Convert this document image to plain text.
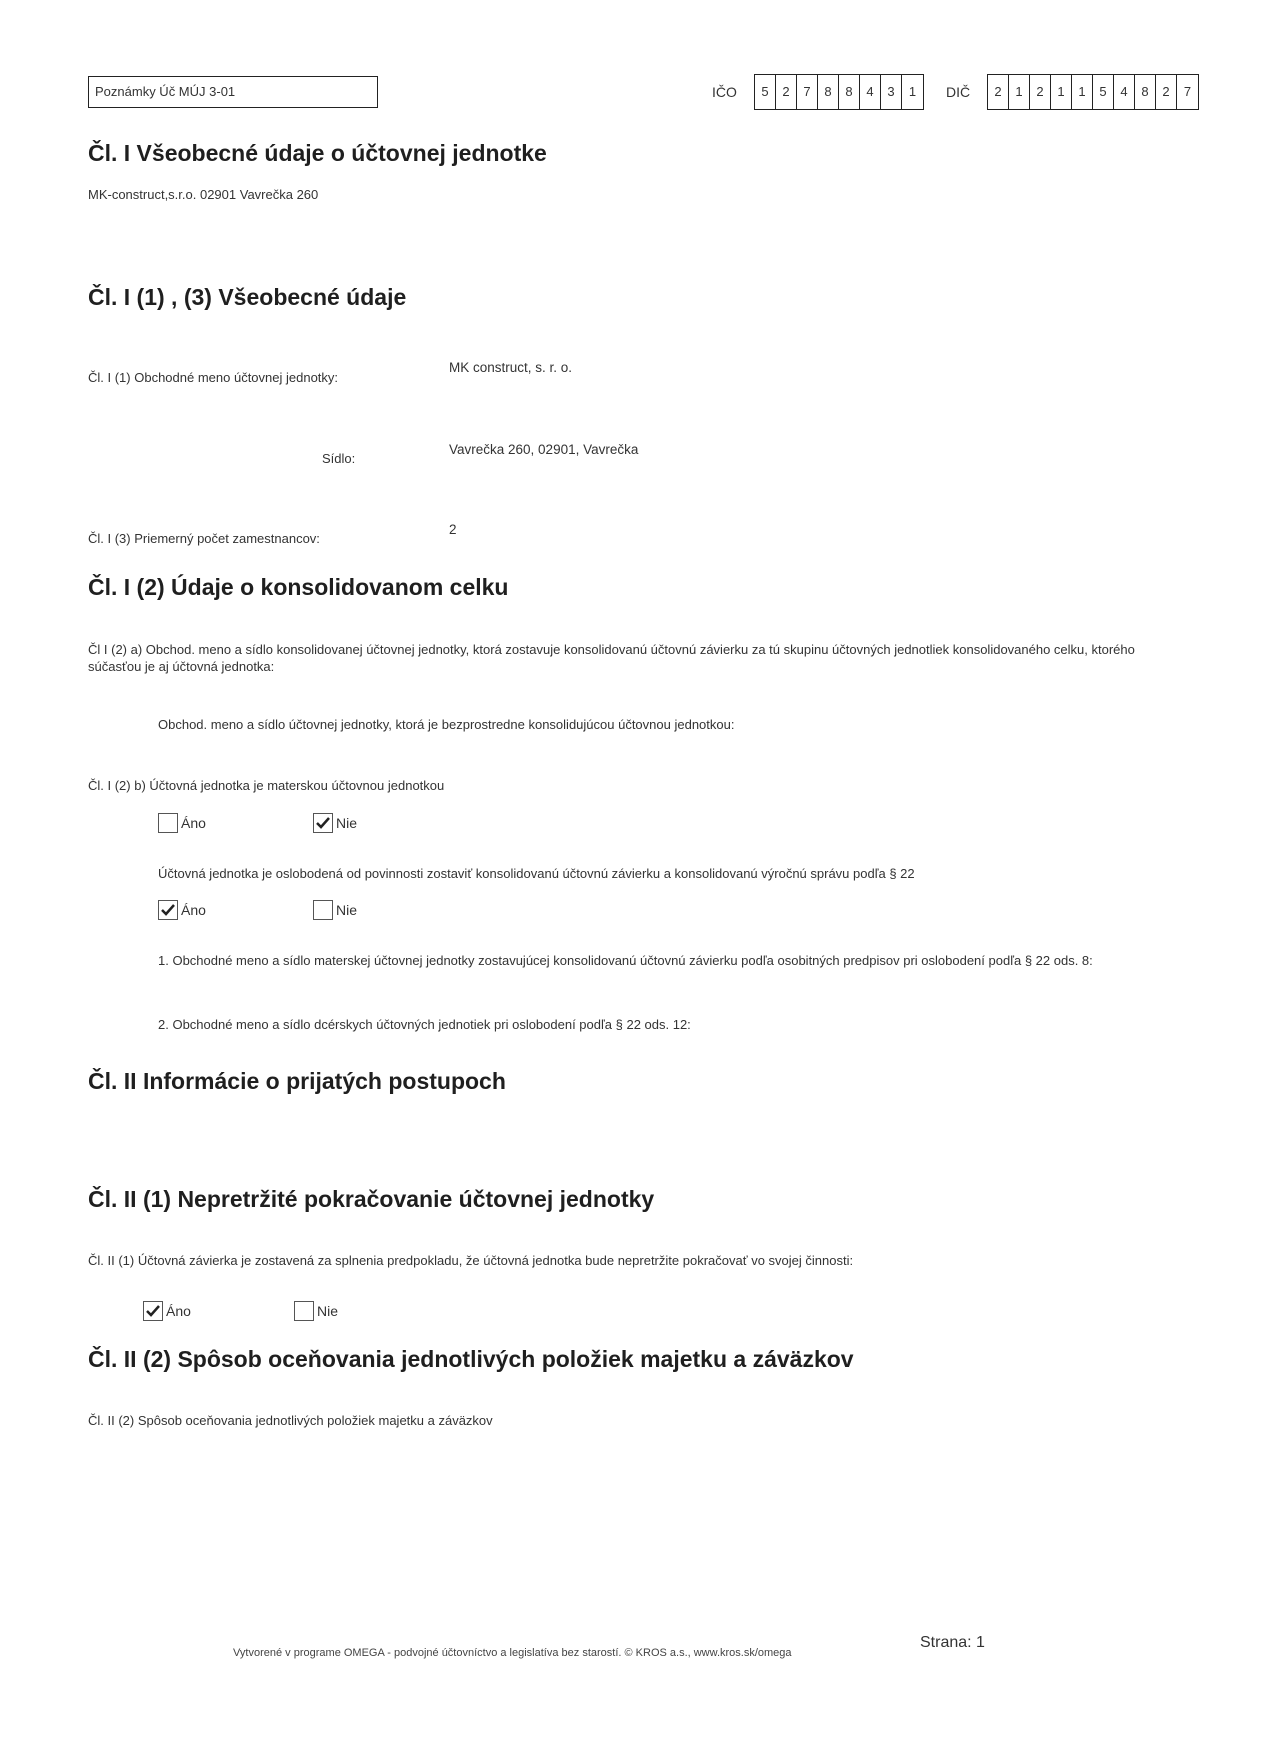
Poznámky Úč MÚJ 3-01	IČO	5	2	7	8	8	4	3	1	DIČ	2	1	2	1	1	5	4	8	2	7
Čl. I Všeobecné údaje o účtovnej jednotke
MK-construct,s.r.o. 02901 Vavrečka 260
Čl. I (1) , (3) Všeobecné údaje
Čl. I (1) Obchodné meno účtovnej jednotky:
MK construct, s. r. o.
Sídlo:
Vavrečka 260, 02901, Vavrečka
Čl. I (3) Priemerný počet zamestnancov:
2
Čl. I (2) Údaje o konsolidovanom celku
Čl I (2) a) Obchod. meno a sídlo konsolidovanej účtovnej jednotky, ktorá zostavuje konsolidovanú účtovnú závierku za tú skupinu účtovných jednotliek konsolidovaného celku, ktorého súčasťou je aj účtovná jednotka:
Obchod. meno a sídlo účtovnej jednotky, ktorá je bezprostredne konsolidujúcou účtovnou jednotkou:
Čl. I (2) b) Účtovná jednotka je materskou účtovnou jednotkou
Áno	Nie
Účtovná jednotka je oslobodená od povinnosti zostaviť konsolidovanú účtovnú závierku a konsolidovanú výročnú správu podľa § 22
Áno	Nie
1. Obchodné meno a sídlo materskej účtovnej jednotky zostavujúcej konsolidovanú účtovnú závierku podľa osobitných predpisov pri oslobodení podľa § 22 ods. 8:
2. Obchodné meno a sídlo dcérskych účtovných jednotiek pri oslobodení podľa § 22 ods. 12:
Čl. II Informácie o prijatých postupoch
Čl. II (1) Nepretržité pokračovanie účtovnej jednotky
Čl. II (1) Účtovná závierka je zostavená za splnenia predpokladu, že účtovná jednotka bude nepretržite pokračovať vo svojej činnosti:
Áno	Nie
Čl. II (2) Spôsob oceňovania jednotlivých položiek majetku a záväzkov
Čl. II (2) Spôsob oceňovania jednotlivých položiek majetku a záväzkov
Vytvorené v programe OMEGA - podvojné účtovníctvo a legislatíva bez starostí. © KROS a.s., www.kros.sk/omega
Strana: 1
